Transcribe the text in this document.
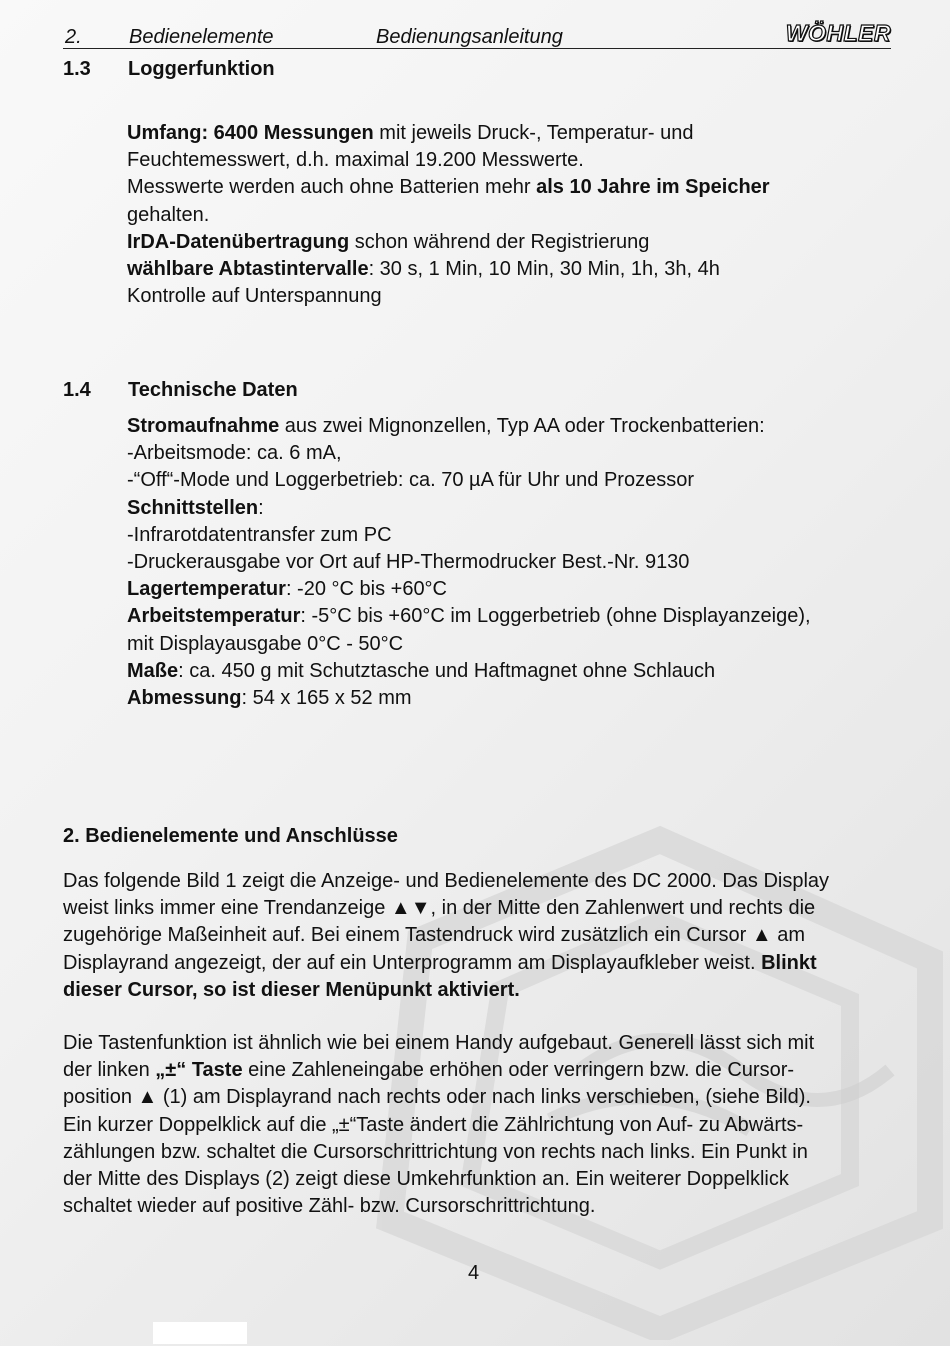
2. Bedienelemente	Bedienungsanleitung	WÖHLER
1.3 Loggerfunktion
Umfang: 6400 Messungen mit jeweils Druck-, Temperatur- und
Feuchtemesswert, d.h. maximal 19.200 Messwerte.
Messwerte werden auch ohne Batterien mehr als 10 Jahre im Speicher
gehalten.
IrDA-Datenübertragung schon während der Registrierung
wählbare Abtastintervalle: 30 s, 1 Min, 10 Min, 30 Min, 1h, 3h, 4h
Kontrolle auf Unterspannung
1.4 Technische Daten
Stromaufnahme aus zwei Mignonzellen, Typ AA oder Trockenbatterien:
-Arbeitsmode: ca. 6 mA,
-“Off“-Mode und Loggerbetrieb: ca. 70 µA für Uhr und Prozessor
Schnittstellen:
-Infrarotdatentransfer zum PC
-Druckerausgabe vor Ort auf HP-Thermodrucker Best.-Nr. 9130
Lagertemperatur: -20 °C bis +60°C
Arbeitstemperatur: -5°C bis +60°C im Loggerbetrieb (ohne Displayanzeige),
mit Displayausgabe 0°C - 50°C
Maße: ca. 450 g mit Schutztasche und Haftmagnet ohne Schlauch
Abmessung: 54 x 165 x 52 mm
2. Bedienelemente und Anschlüsse
Das folgende Bild 1 zeigt die Anzeige- und Bedienelemente des DC 2000. Das Display
weist links immer eine Trendanzeige ▲▼, in der Mitte den Zahlenwert und rechts die
zugehörige Maßeinheit auf. Bei einem Tastendruck wird zusätzlich ein Cursor ▲ am
Displayrand angezeigt, der auf ein Unterprogramm am Displayaufkleber weist. Blinkt
dieser Cursor, so ist dieser Menüpunkt aktiviert.
Die Tastenfunktion ist ähnlich wie bei einem Handy aufgebaut. Generell lässt sich mit
der linken „±“ Taste eine Zahleneingabe erhöhen oder verringern bzw. die Cursor-
position ▲ (1) am Displayrand nach rechts oder nach links verschieben, (siehe Bild).
Ein kurzer Doppelklick auf die „±“Taste ändert die Zählrichtung von Auf- zu Abwärts-
zählungen bzw. schaltet die Cursorschrittrichtung von rechts nach links. Ein Punkt in
der Mitte des Displays (2) zeigt diese Umkehrfunktion an. Ein weiterer Doppelklick
schaltet wieder auf positive Zähl- bzw. Cursorschrittrichtung.
4
